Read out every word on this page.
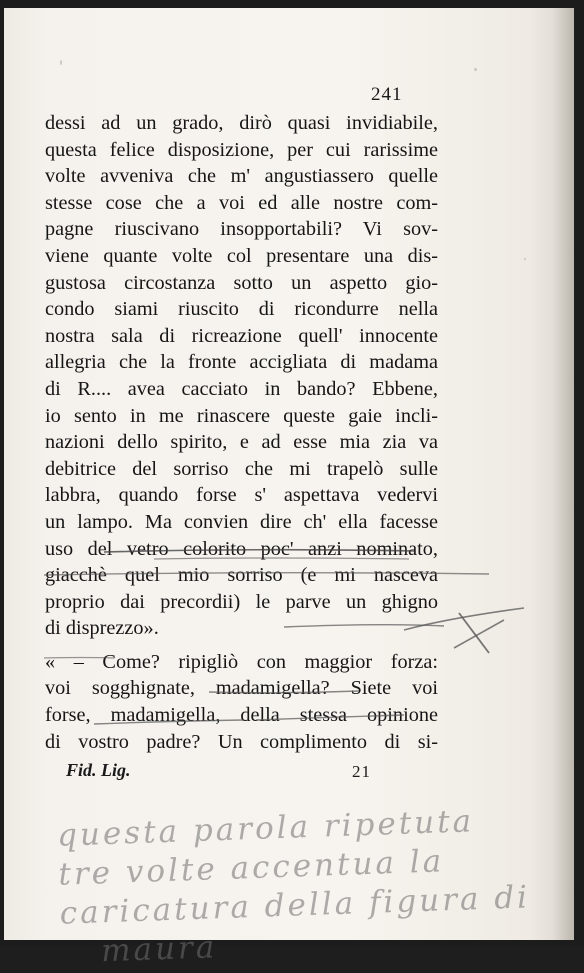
241
dessi ad un grado, dirò quasi invidiabile,
questa felice disposizione, per cui rarissime
volte avveniva che m' angustiassero quelle
stesse cose che a voi ed alle nostre com-
pagne riuscivano insopportabili? Vi sov-
viene quante volte col presentare una dis-
gustosa circostanza sotto un aspetto gio-
condo siami riuscito di ricondurre nella
nostra sala di ricreazione quell' innocente
allegria che la fronte accigliata di madama
di R.... avea cacciato in bando? Ebbene,
io sento in me rinascere queste gaie incli-
nazioni dello spirito, e ad esse mia zia va
debitrice del sorriso che mi trapelò sulle
labbra, quando forse s' aspettava vedervi
un lampo. Ma convien dire ch' ella facesse
uso del vetro colorito poc' anzi nominato,
giacchè quel mio sorriso (e mi nasceva
proprio dai precordii) le parve un ghigno
di disprezzo».
« – Come? ripigliò con maggior forza:
voi sogghignate, madamigella? Siete voi
forse, madamigella, della stessa opinione
di vostro padre? Un complimento di si-
Fid. Lig.	21
questa parola ripetuta
tre volte accentua la
caricatura della figura di
maura
